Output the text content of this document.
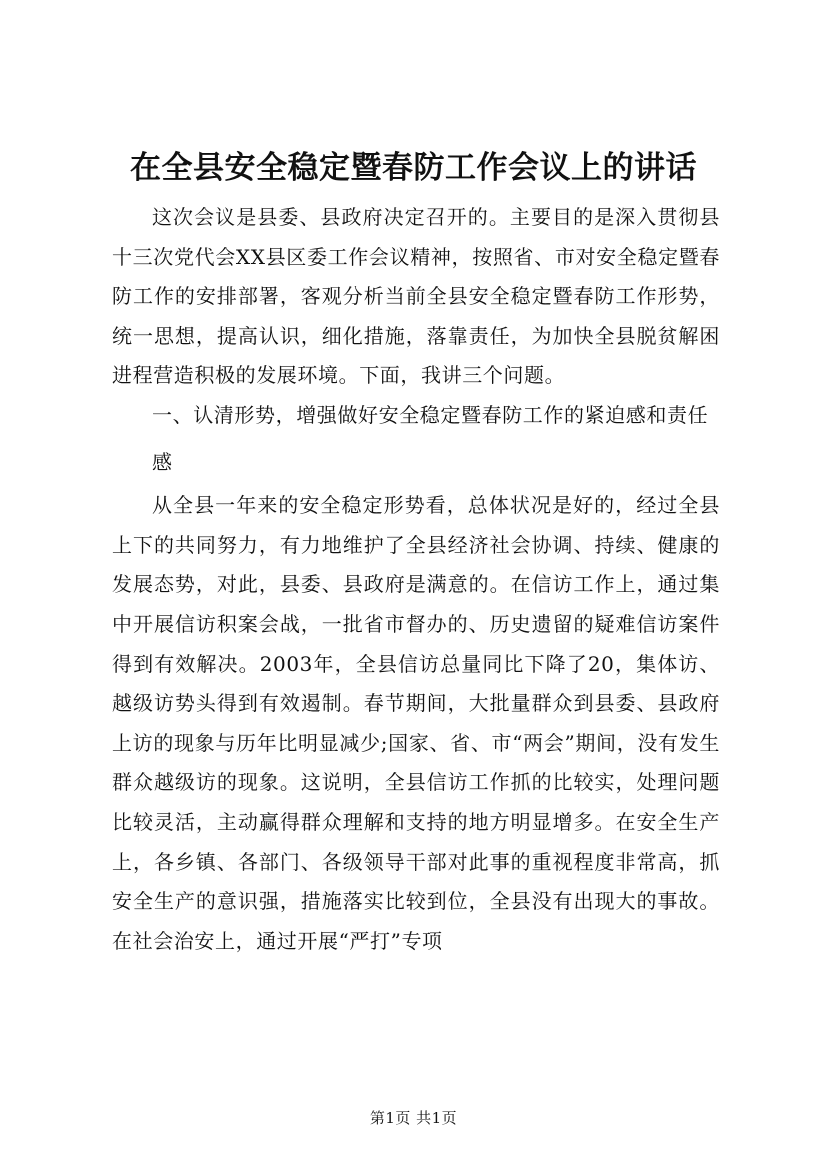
在全县安全稳定暨春防工作会议上的讲话

这次会议是县委、县政府决定召开的。主要目的是深入贯彻县十三次党代会XX县区委工作会议精神，按照省、市对安全稳定暨春防工作的安排部署，客观分析当前全县安全稳定暨春防工作形势，统一思想，提高认识，细化措施，落靠责任，为加快全县脱贫解困进程营造积极的发展环境。下面，我讲三个问题。

一、认清形势，增强做好安全稳定暨春防工作的紧迫感和责任

感

从全县一年来的安全稳定形势看，总体状况是好的，经过全县上下的共同努力，有力地维护了全县经济社会协调、持续、健康的发展态势，对此，县委、县政府是满意的。在信访工作上，通过集中开展信访积案会战，一批省市督办的、历史遗留的疑难信访案件得到有效解决。2003年，全县信访总量同比下降了20，集体访、越级访势头得到有效遏制。春节期间，大批量群众到县委、县政府上访的现象与历年比明显减少;国家、省、市“两会”期间，没有发生群众越级访的现象。这说明，全县信访工作抓的比较实，处理问题比较灵活，主动赢得群众理解和支持的地方明显增多。在安全生产上，各乡镇、各部门、各级领导干部对此事的重视程度非常高，抓安全生产的意识强，措施落实比较到位，全县没有出现大的事故。在社会治安上，通过开展“严打”专项

第1页 共1页
